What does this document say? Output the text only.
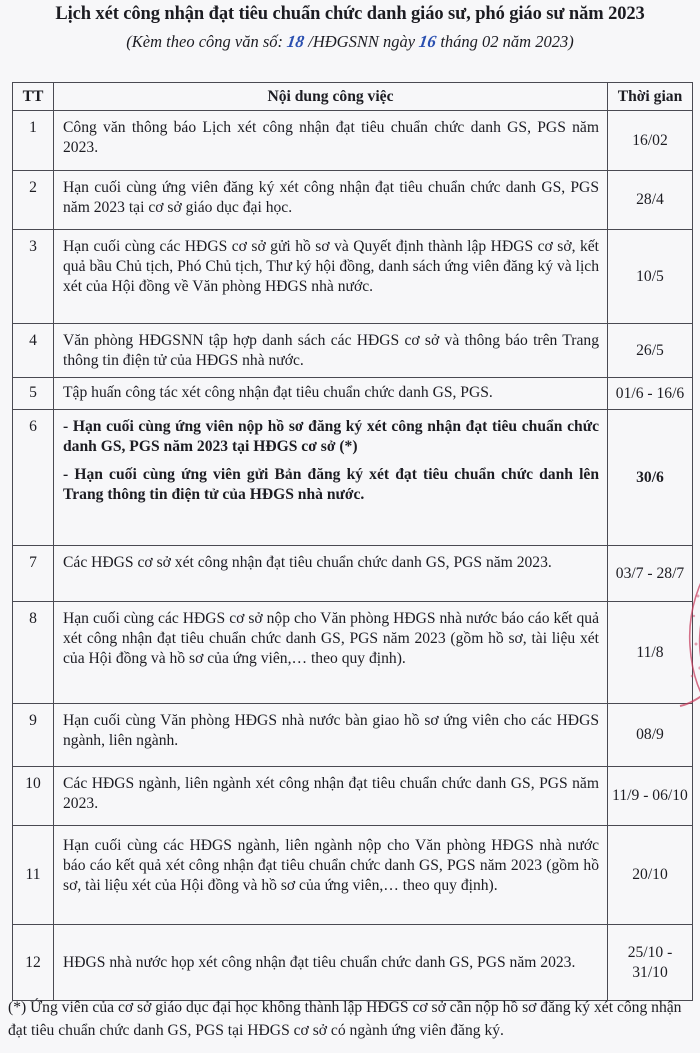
Lịch xét công nhận đạt tiêu chuẩn chức danh giáo sư, phó giáo sư năm 2023
(Kèm theo công văn số: 18 /HĐGSNN ngày 16 tháng 02 năm 2023)
TT	Nội dung công việc	Thời gian
1	Công văn thông báo Lịch xét công nhận đạt tiêu chuẩn chức danh GS, PGS năm 2023.	16/02
2	Hạn cuối cùng ứng viên đăng ký xét công nhận đạt tiêu chuẩn chức danh GS, PGS năm 2023 tại cơ sở giáo dục đại học.	28/4
3	Hạn cuối cùng các HĐGS cơ sở gửi hồ sơ và Quyết định thành lập HĐGS cơ sở, kết quả bầu Chủ tịch, Phó Chủ tịch, Thư ký hội đồng, danh sách ứng viên đăng ký và lịch xét của Hội đồng về Văn phòng HĐGS nhà nước.	10/5
4	Văn phòng HĐGSNN tập hợp danh sách các HĐGS cơ sở và thông báo trên Trang thông tin điện tử của HĐGS nhà nước.	26/5
5	Tập huấn công tác xét công nhận đạt tiêu chuẩn chức danh GS, PGS.	01/6 - 16/6
6	- Hạn cuối cùng ứng viên nộp hồ sơ đăng ký xét công nhận đạt tiêu chuẩn chức danh GS, PGS năm 2023 tại HĐGS cơ sở (*)
- Hạn cuối cùng ứng viên gửi Bản đăng ký xét đạt tiêu chuẩn chức danh lên Trang thông tin điện tử của HĐGS nhà nước.	30/6
7	Các HĐGS cơ sở xét công nhận đạt tiêu chuẩn chức danh GS, PGS năm 2023.	03/7 - 28/7
8	Hạn cuối cùng các HĐGS cơ sở nộp cho Văn phòng HĐGS nhà nước báo cáo kết quả xét công nhận đạt tiêu chuẩn chức danh GS, PGS năm 2023 (gồm hồ sơ, tài liệu xét của Hội đồng và hồ sơ của ứng viên,… theo quy định).	11/8
9	Hạn cuối cùng Văn phòng HĐGS nhà nước bàn giao hồ sơ ứng viên cho các HĐGS ngành, liên ngành.	08/9
10	Các HĐGS ngành, liên ngành xét công nhận đạt tiêu chuẩn chức danh GS, PGS năm 2023.	11/9 - 06/10
11	Hạn cuối cùng các HĐGS ngành, liên ngành nộp cho Văn phòng HĐGS nhà nước báo cáo kết quả xét công nhận đạt tiêu chuẩn chức danh GS, PGS năm 2023 (gồm hồ sơ, tài liệu xét của Hội đồng và hồ sơ của ứng viên,… theo quy định).	20/10
12	HĐGS nhà nước họp xét công nhận đạt tiêu chuẩn chức danh GS, PGS năm 2023.	25/10 - 31/10
(*) Ứng viên của cơ sở giáo dục đại học không thành lập HĐGS cơ sở cần nộp hồ sơ đăng ký xét công nhận đạt tiêu chuẩn chức danh GS, PGS tại HĐGS cơ sở có ngành ứng viên đăng ký.
